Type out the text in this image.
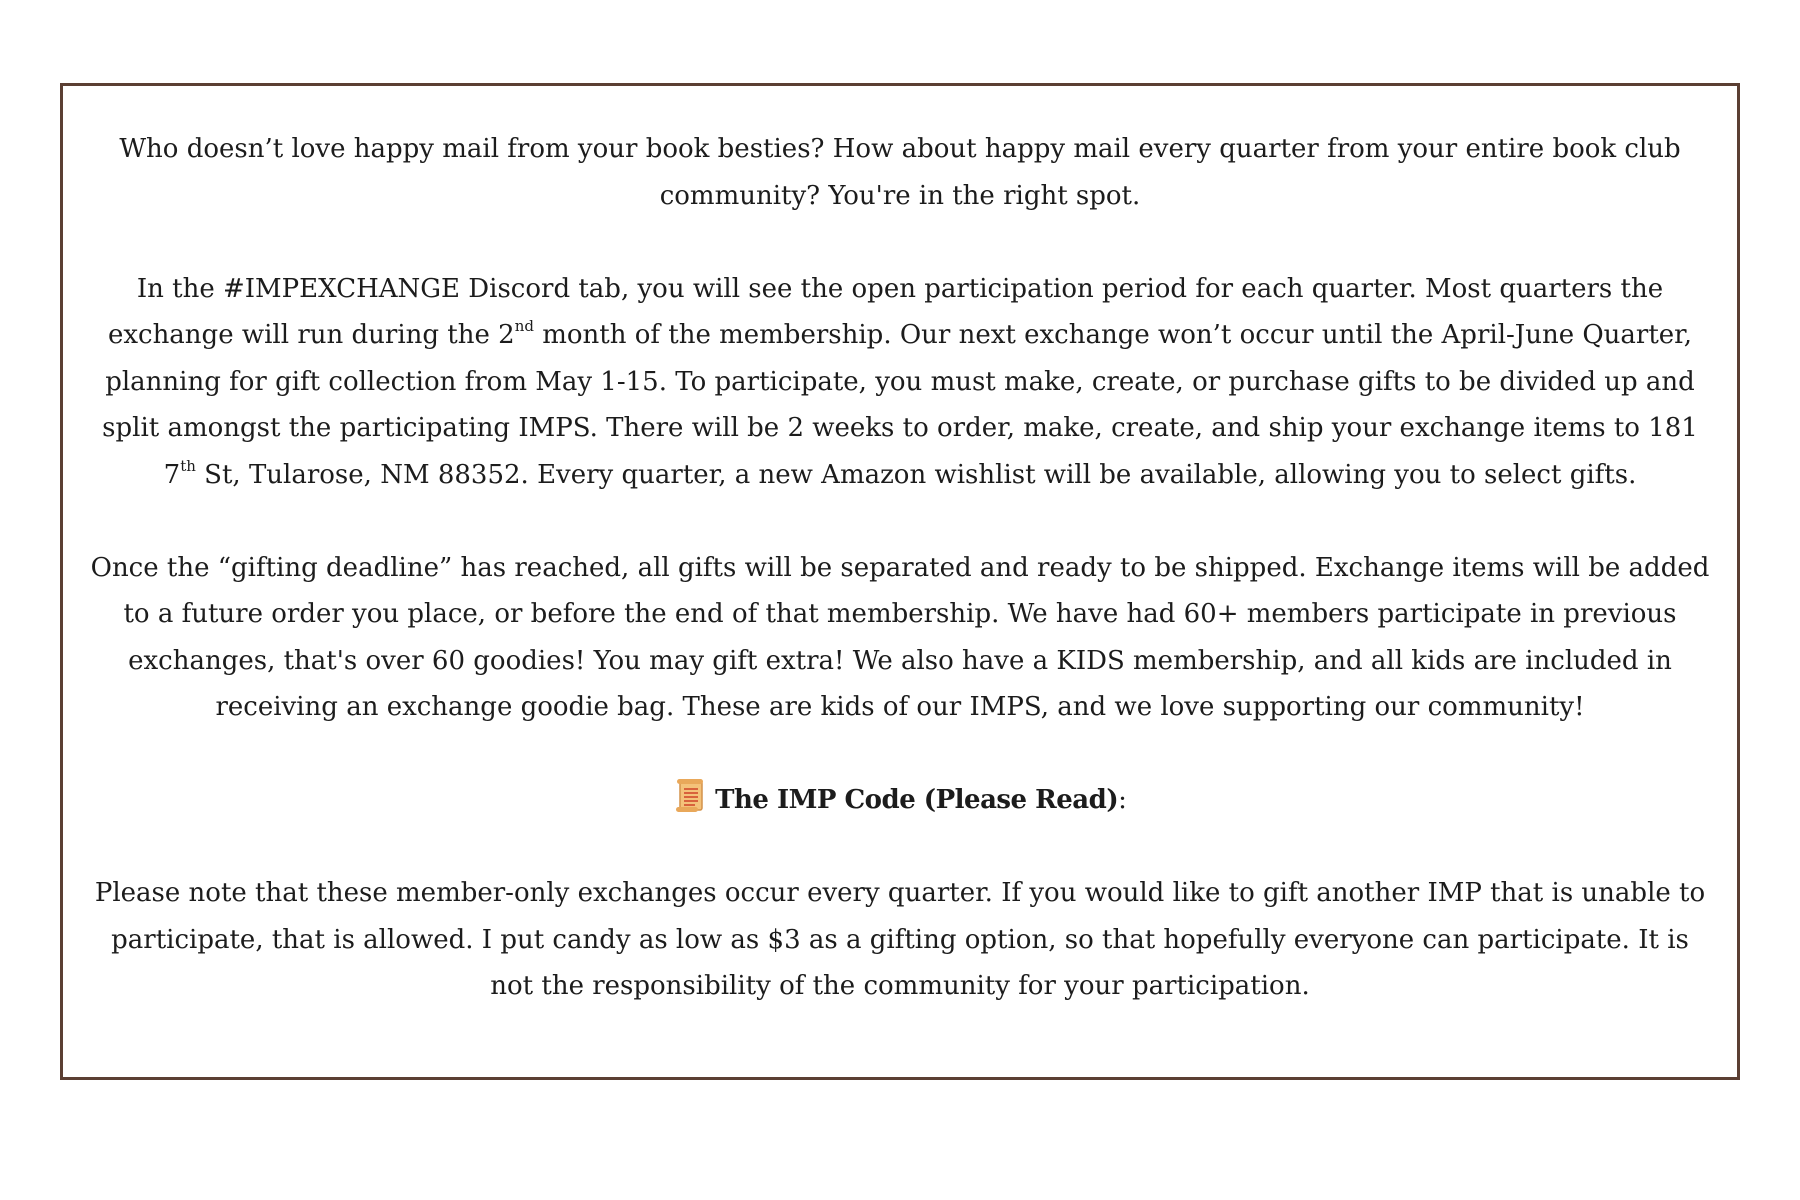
Who doesn’t love happy mail from your book besties? How about happy mail every quarter from your entire book club community? You're in the right spot.

In the #IMPEXCHANGE Discord tab, you will see the open participation period for each quarter. Most quarters the exchange will run during the 2nd month of the membership. Our next exchange won’t occur until the April-June Quarter, planning for gift collection from May 1-15. To participate, you must make, create, or purchase gifts to be divided up and split amongst the participating IMPS. There will be 2 weeks to order, make, create, and ship your exchange items to 181 7th St, Tularose, NM 88352. Every quarter, a new Amazon wishlist will be available, allowing you to select gifts.

Once the “gifting deadline” has reached, all gifts will be separated and ready to be shipped. Exchange items will be added to a future order you place, or before the end of that membership. We have had 60+ members participate in previous exchanges, that's over 60 goodies! You may gift extra! We also have a KIDS membership, and all kids are included in receiving an exchange goodie bag. These are kids of our IMPS, and we love supporting our community!

The IMP Code (Please Read):

Please note that these member-only exchanges occur every quarter. If you would like to gift another IMP that is unable to participate, that is allowed. I put candy as low as $3 as a gifting option, so that hopefully everyone can participate. It is not the responsibility of the community for your participation.
